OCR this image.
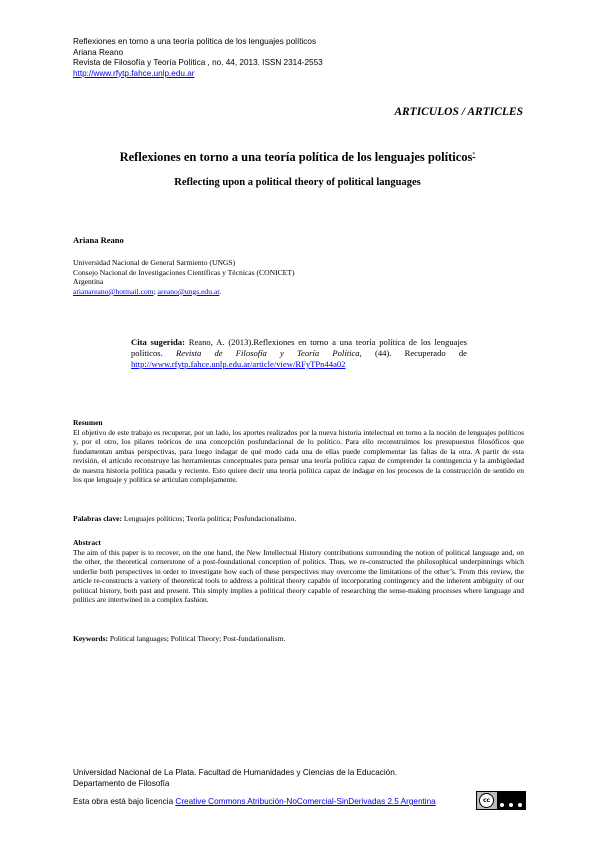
Reflexiones en torno a una teoría política de los lenguajes políticos
Ariana Reano
Revista de Filosofía y Teoría Política , no. 44, 2013. ISSN 2314-2553
http://www.rfytp.fahce.unlp.edu.ar
ARTICULOS / ARTICLES
Reflexiones en torno a una teoría política de los lenguajes políticos*
Reflecting upon a political theory of political languages
Ariana Reano
Universidad Nacional de General Sarmiento (UNGS)
Consejo Nacional de Investigaciones Científicas y Técnicas (CONICET)
Argentina
arianareano@hotmail.com; areano@ungs.edu.ar.
Cita sugerida: Reano, A. (2013).Reflexiones en torno a una teoría política de los lenguajes políticos. Revista de Filosofía y Teoría Política, (44). Recuperado de http://www.rfytp.fahce.unlp.edu.ar/article/view/RFyTPn44a02
Resumen
El objetivo de este trabajo es recuperar, por un lado, los aportes realizados por la nueva historia intelectual en torno a la noción de lenguajes políticos y, por el otro, los pilares teóricos de una concepción posfundacional de lo político. Para ello reconstruimos los presupuestos filosóficos que fundamentan ambas perspectivas, para luego indagar de qué modo cada una de ellas puede complementar las faltas de la otra. A partir de esta revisión, el artículo reconstruye las herramientas conceptuales para pensar una teoría política capaz de comprender la contingencia y la ambigüedad de nuestra historia política pasada y reciente. Esto quiere decir una teoría política capaz de indagar en los procesos de la construcción de sentido en los que lenguaje y política se articulan complejamente.
Palabras clave: Lenguajes políticos; Teoría política; Posfundacionalismo.
Abstract
The aim of this paper is to recover, on the one hand, the New Intellectual History contributions surrounding the notion of political language and, on the other, the theoretical cornerstone of a post-foundational conception of politics. Thus, we re-constructed the philosophical underpinnings which underlie both perspectives in order to investigate how each of these perspectives may overcome the limitations of the other’s. From this review, the article re-constructs a variety of theoretical tools to address a political theory capable of incorporating contingency and the inherent ambiguity of our political history, both past and present. This simply implies a political theory capable of researching the sense-making processes where language and politics are intertwined in a complex fashion.
Keywords: Political languages; Political Theory; Post-fundationalism.
Universidad Nacional de La Plata. Facultad de Humanidades y Ciencias de la Educación.
Departamento de Filosofía
Esta obra está bajo licencia Creative Commons Atribución-NoComercial-SinDerivadas 2.5 Argentina	cc
